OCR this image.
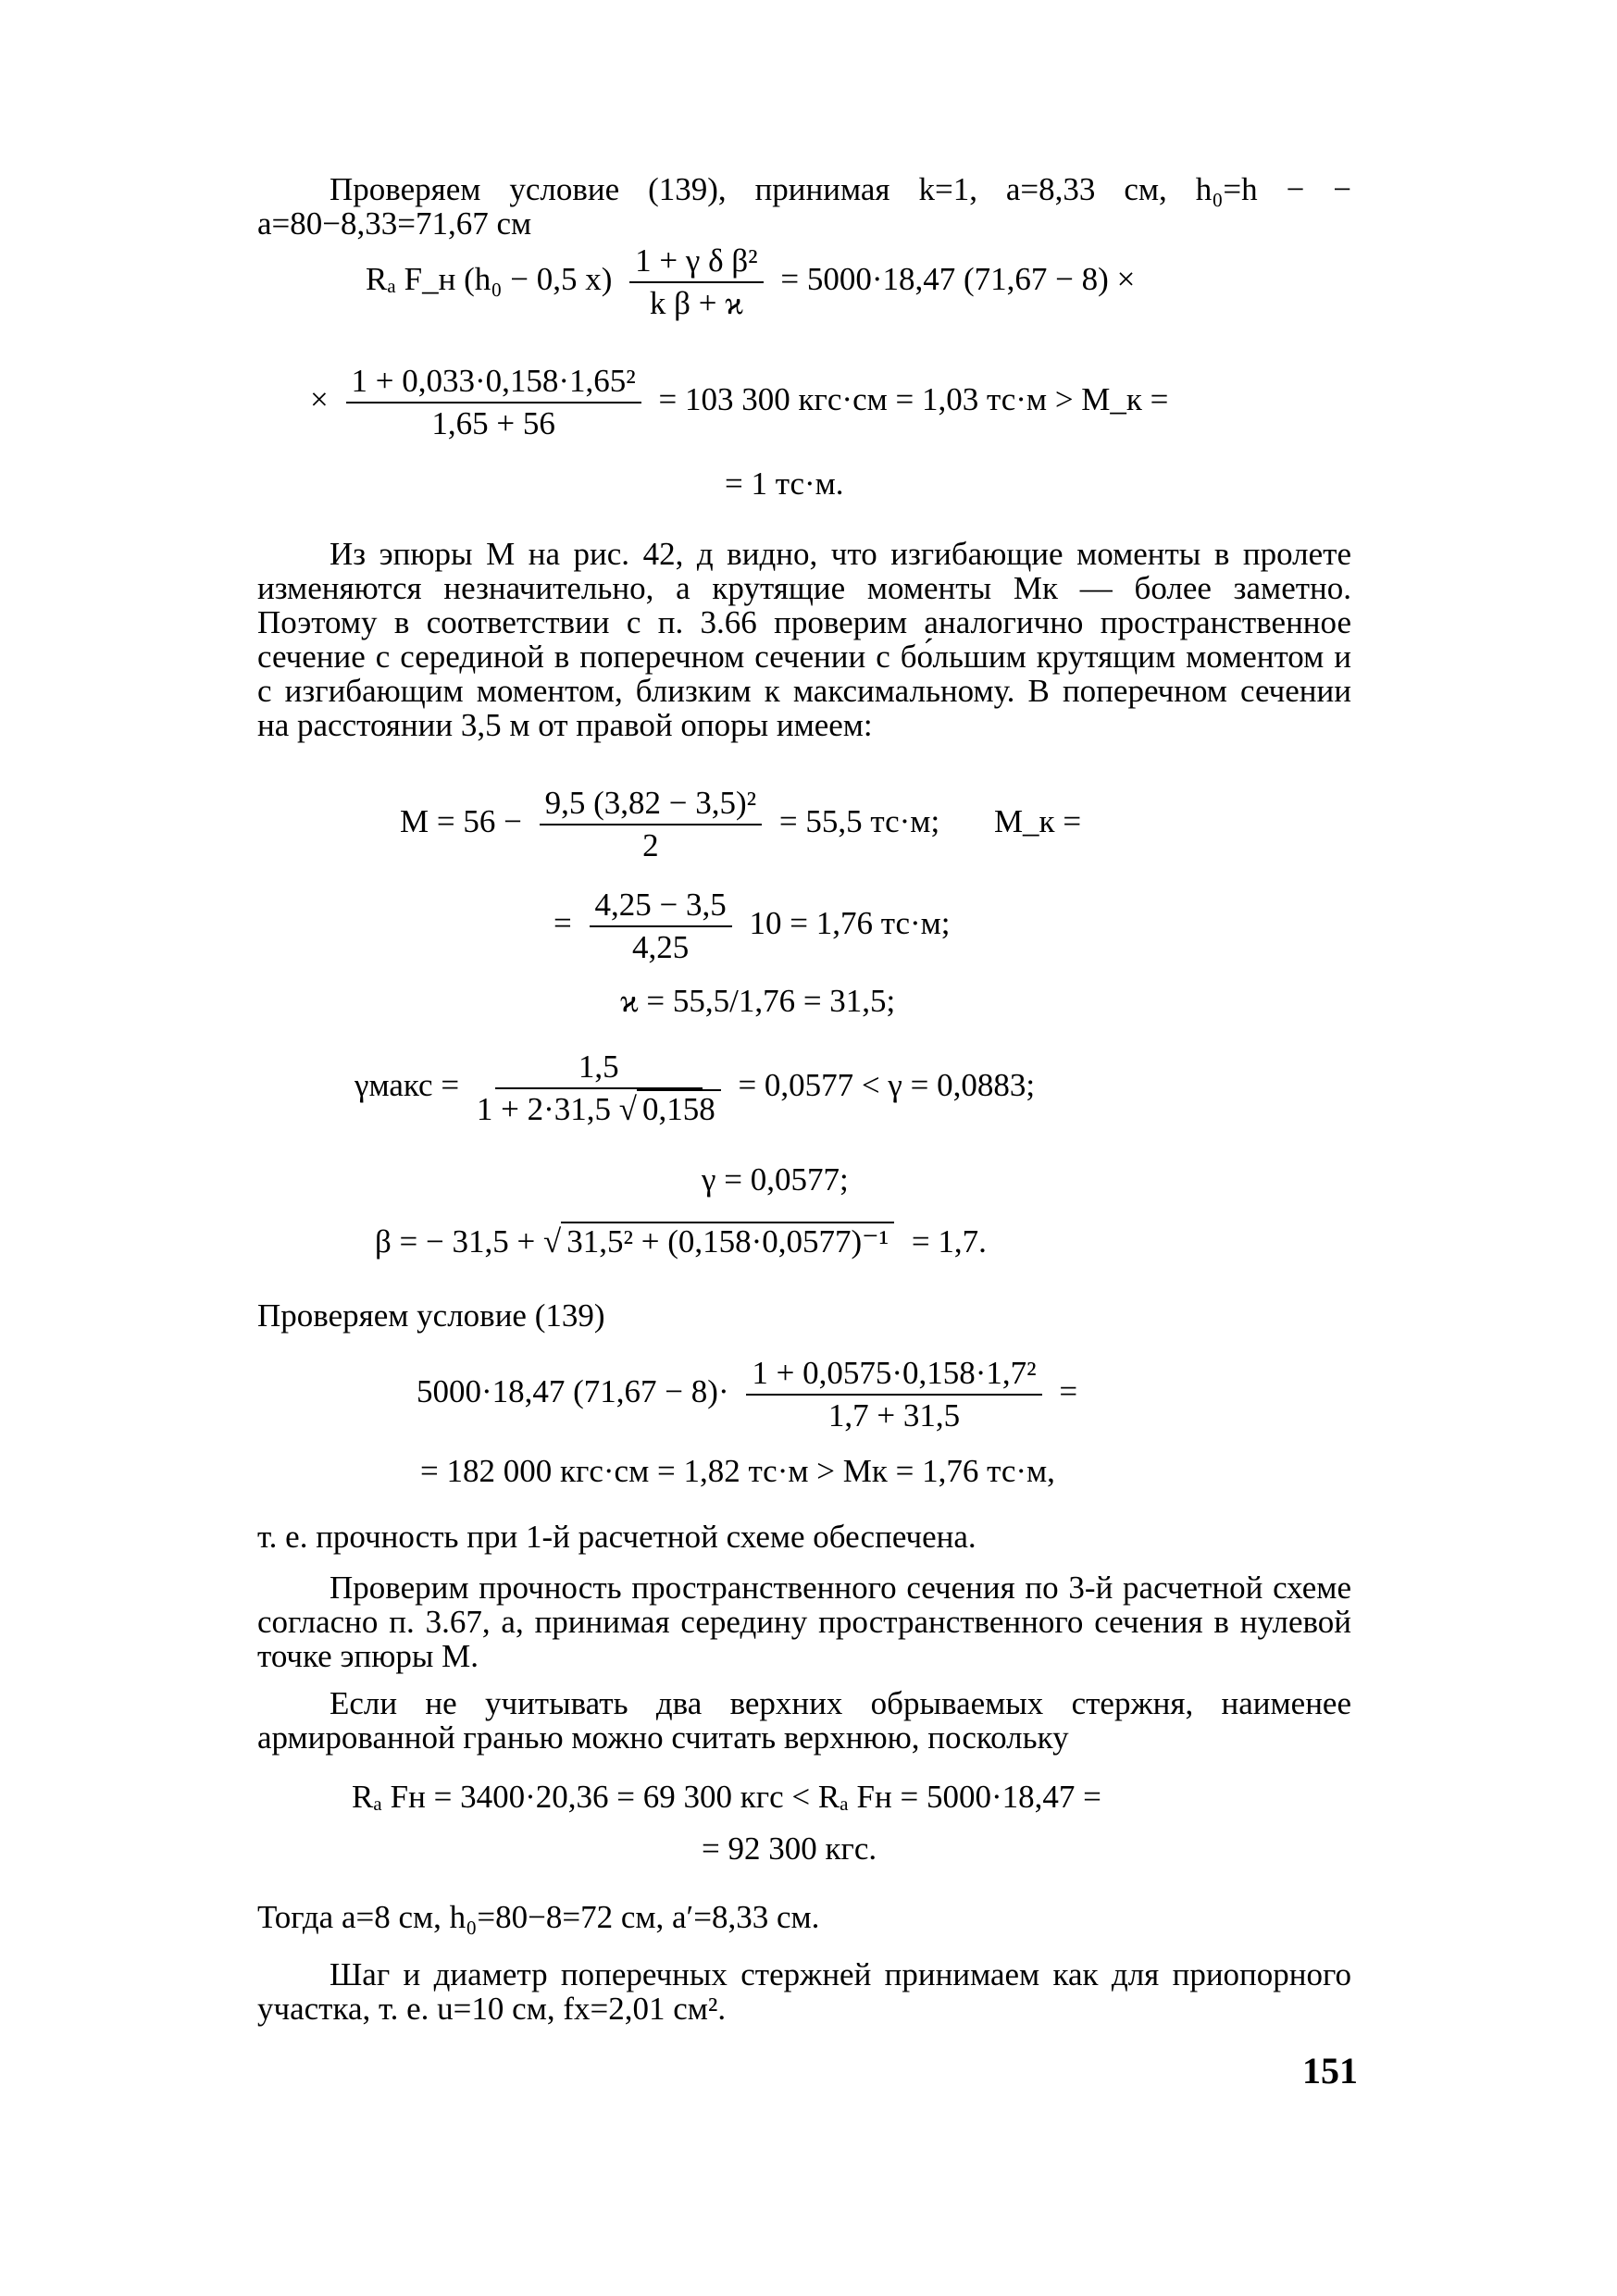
Проверяем условие (139), принимая k=1, a=8,33 см, h₀=h − − a=80−8,33=71,67 см
Rₐ F_н (h₀ − 0,5 $x) \frac{\text{1 + γ δ β²}}{\text{k β + ϰ}} = 5000\cdot 18,47$ (71,67 − 8) ×
× $\frac{\text{1 + 0,033·0,158·1,65²}}{1,65 + 56} = 103$ 300 кгс·см = 1,03 тс·м > M_к =
= 1 тс·м.
Из эпюры M на рис. 42, д видно, что изгибающие моменты в пролете изменяются незначительно, а крутящие моменты Mк — более заметно. Поэтому в соответствии с п. 3.66 проверим аналогично пространственное сечение с серединой в поперечном сечении с бо́льшим крутящим моментом и с изгибающим моментом, близким к максимальному. В поперечном сечении на расстоянии 3,5 м от правой опоры имеем:
$M = 56 - \frac{\text{9,5 (3,82 − 3,5)²}}{2} = 55,5$ тс·м; M_к =
= $\frac{4,25 - 3,5}{4,25} 10 = 1,76$ тс·м;
ϰ = 55,5/1,76 = 31,5;
γмакс = $\frac{1,5}{1 + 2\cdot 31,5 √ 0,158} = 0,0577 < \gamma = 0,0883$;
γ = 0,0577;
β = − 31,5 + √ 31,5² + (0,158·0,0577)⁻¹ = 1,7.
Проверяем условие (139)
5000·18,47 $(71,67 - 8)\cdot \frac{\text{1 + 0,0575·0,158·1,7²}}{1,7 + 31,5}$ =
= 182 000 кгс·см = 1,82 тс·м > Mк = 1,76 тс·м,
т. е. прочность при 1-й расчетной схеме обеспечена.
Проверим прочность пространственного сечения по 3-й расчетной схеме согласно п. 3.67, а, принимая середину пространственного сечения в нулевой точке эпюры M.
Если не учитывать два верхних обрываемых стержня, наименее армированной гранью можно считать верхнюю, поскольку
Rₐ Fн = 3400·20,36 = 69 300 кгс < Rₐ Fн = 5000·18,47 =
= 92 300 кгс.
Тогда a=8 см, h₀=80−8=72 см, a′=8,33 см.
Шаг и диаметр поперечных стержней принимаем как для приопорного участка, т. е. u=10 см, fx=2,01 см².
151
